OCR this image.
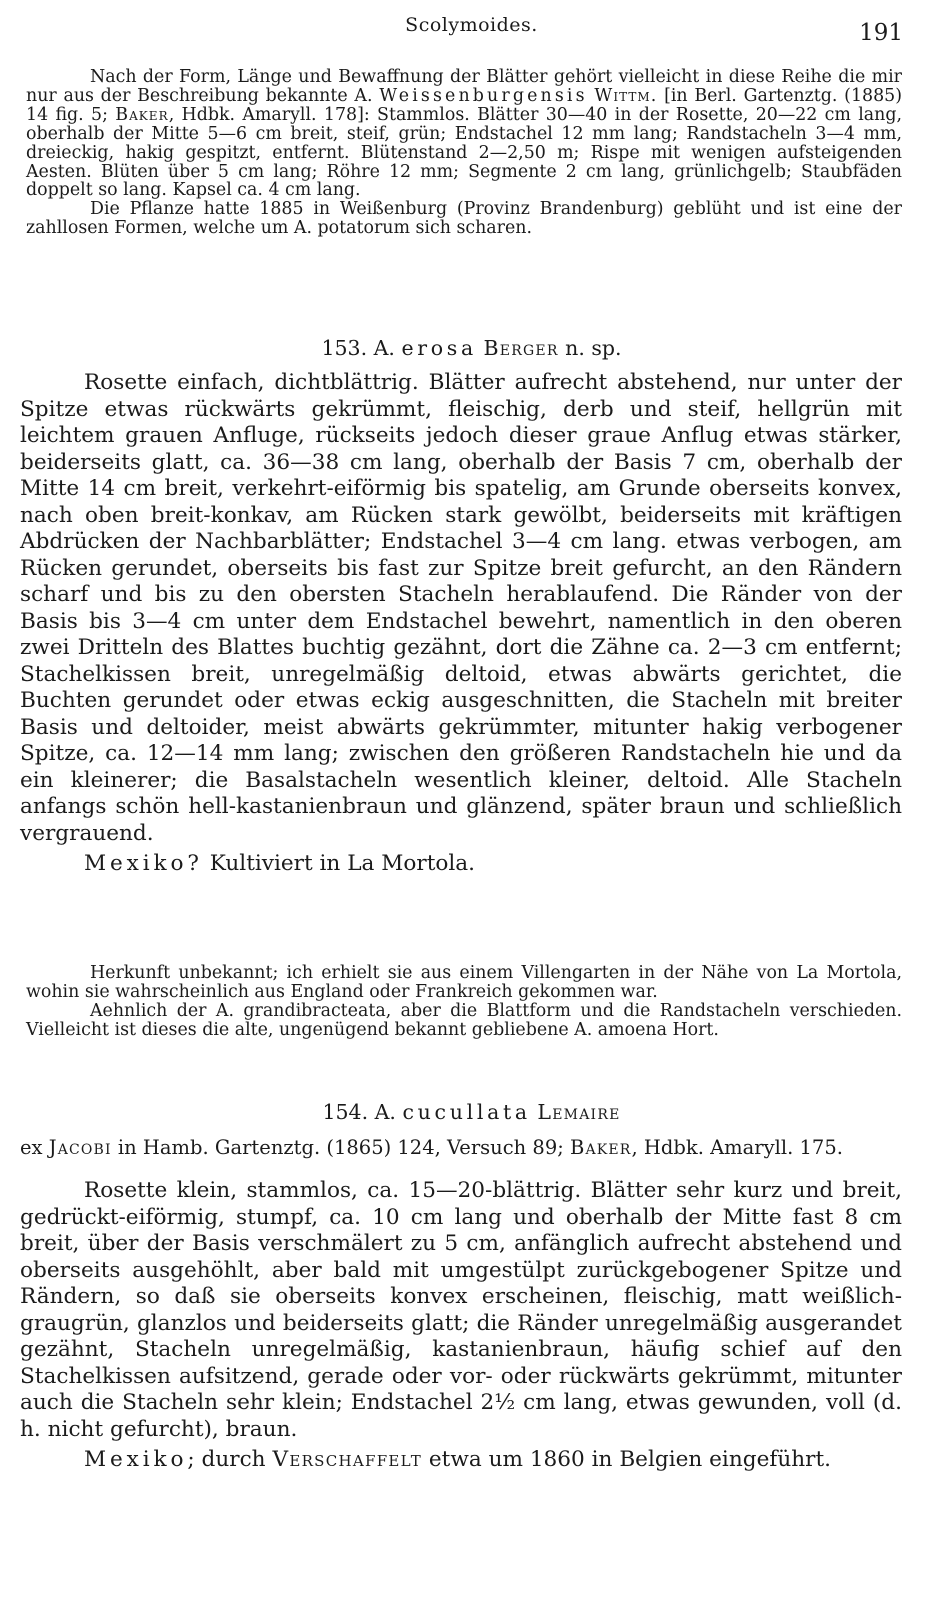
Scolymoides.	191

Nach der Form, Länge und Bewaffnung der Blätter gehört vielleicht in diese Reihe die mir nur aus der Beschreibung bekannte A. Weissenburgensis Wittm. [in Berl. Gartenztg. (1885) 14 fig. 5; Baker, Hdbk. Amaryll. 178]: Stammlos. Blätter 30—40 in der Rosette, 20—22 cm lang, oberhalb der Mitte 5—6 cm breit, steif, grün; Endstachel 12 mm lang; Randstacheln 3—4 mm, dreieckig, hakig gespitzt, entfernt. Blütenstand 2—2,50 m; Rispe mit wenigen aufsteigenden Aesten. Blüten über 5 cm lang; Röhre 12 mm; Segmente 2 cm lang, grünlichgelb; Staubfäden doppelt so lang. Kapsel ca. 4 cm lang.

Die Pflanze hatte 1885 in Weißenburg (Provinz Brandenburg) geblüht und ist eine der zahllosen Formen, welche um A. potatorum sich scharen.

153. A. erosa Berger n. sp.

Rosette einfach, dichtblättrig. Blätter aufrecht abstehend, nur unter der Spitze etwas rückwärts gekrümmt, fleischig, derb und steif, hellgrün mit leichtem grauen Anfluge, rückseits jedoch dieser graue Anflug etwas stärker, beiderseits glatt, ca. 36—38 cm lang, oberhalb der Basis 7 cm, oberhalb der Mitte 14 cm breit, verkehrt-eiförmig bis spatelig, am Grunde oberseits konvex, nach oben breit-konkav, am Rücken stark gewölbt, beiderseits mit kräftigen Abdrücken der Nachbarblätter; Endstachel 3—4 cm lang. etwas verbogen, am Rücken gerundet, oberseits bis fast zur Spitze breit gefurcht, an den Rändern scharf und bis zu den obersten Stacheln herablaufend. Die Ränder von der Basis bis 3—4 cm unter dem Endstachel bewehrt, namentlich in den oberen zwei Dritteln des Blattes buchtig gezähnt, dort die Zähne ca. 2—3 cm entfernt; Stachelkissen breit, unregelmäßig deltoid, etwas abwärts gerichtet, die Buchten gerundet oder etwas eckig ausgeschnitten, die Stacheln mit breiter Basis und deltoider, meist abwärts gekrümmter, mitunter hakig verbogener Spitze, ca. 12—14 mm lang; zwischen den größeren Randstacheln hie und da ein kleinerer; die Basalstacheln wesentlich kleiner, deltoid. Alle Stacheln anfangs schön hell-kastanienbraun und glänzend, später braun und schließlich vergrauend.

Mexiko? Kultiviert in La Mortola.

Herkunft unbekannt; ich erhielt sie aus einem Villengarten in der Nähe von La Mortola, wohin sie wahrscheinlich aus England oder Frankreich gekommen war.

Aehnlich der A. grandibracteata, aber die Blattform und die Randstacheln verschieden. Vielleicht ist dieses die alte, ungenügend bekannt gebliebene A. amoena Hort.

154. A. cucullata Lemaire
ex Jacobi in Hamb. Gartenztg. (1865) 124, Versuch 89; Baker, Hdbk. Amaryll. 175.

Rosette klein, stammlos, ca. 15—20-blättrig. Blätter sehr kurz und breit, gedrückt-eiförmig, stumpf, ca. 10 cm lang und oberhalb der Mitte fast 8 cm breit, über der Basis verschmälert zu 5 cm, anfänglich aufrecht abstehend und oberseits ausgehöhlt, aber bald mit umgestülpt zurückgebogener Spitze und Rändern, so daß sie oberseits konvex erscheinen, fleischig, matt weißlich-graugrün, glanzlos und beiderseits glatt; die Ränder unregelmäßig ausgerandet gezähnt, Stacheln unregelmäßig, kastanienbraun, häufig schief auf den Stachelkissen aufsitzend, gerade oder vor- oder rückwärts gekrümmt, mitunter auch die Stacheln sehr klein; Endstachel 2½ cm lang, etwas gewunden, voll (d. h. nicht gefurcht), braun.

Mexiko; durch Verschaffelt etwa um 1860 in Belgien eingeführt.
